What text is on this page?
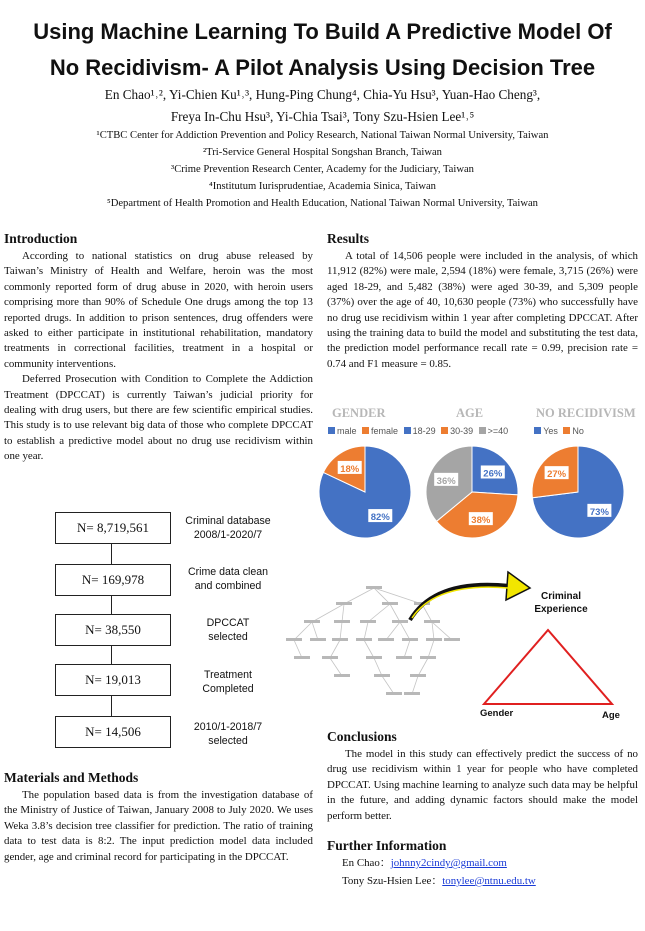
Using Machine Learning To Build A Predictive Model Of
No Recidivism- A Pilot Analysis Using Decision Tree
En Chao¹˒², Yi-Chien Ku¹˒³, Hung-Ping Chung⁴, Chia-Yu Hsu³, Yuan-Hao Cheng³,
Freya In-Chu Hsu³, Yi-Chia Tsai³, Tony Szu-Hsien Lee¹˒⁵
¹CTBC Center for Addiction Prevention and Policy Research, National Taiwan Normal University, Taiwan
²Tri-Service General Hospital Songshan Branch, Taiwan
³Crime Prevention Research Center, Academy for the Judiciary, Taiwan
⁴Institutum Iurisprudentiae, Academia Sinica, Taiwan
⁵Department of Health Promotion and Health Education, National Taiwan Normal University, Taiwan
Introduction

According to national statistics on drug abuse released by Taiwan’s Ministry of Health and Welfare, heroin was the most commonly reported form of drug abuse in 2020, with heroin users comprising more than 90% of Schedule One drugs among the top 13 reported drugs. In addition to prison sentences, drug offenders were asked to either participate in institutional rehabilitation, mandatory treatments in correctional facilities, treatment in a hospital or community interventions.

Deferred Prosecution with Condition to Complete the Addiction Treatment (DPCCAT) is currently Taiwan’s judicial priority for dealing with drug users, but there are few scientific empirical studies. This study is to use relevant big data of those who complete DPCCAT to establish a predictive model about no drug use recidivism within one year.

N= 8,719,561	Criminal database
2008/1-2020/7
N= 169,978	Crime data clean
and combined
N= 38,550	DPCCAT
selected
N= 19,013	Treatment
Completed
N= 14,506	2010/1-2018/7
selected
Materials and Methods

The population based data is from the investigation database of the Ministry of Justice of Taiwan, January 2008 to July 2020. We uses Weka 3.8’s decision tree classifier for prediction. The ratio of training data to test data is 8:2. The input prediction model data included gender, age and criminal record for participating in the DPCCAT.

Results

A total of 14,506 people were included in the analysis, of which 11,912 (82%) were male, 2,594 (18%) were female, 3,715 (26%) were aged 18-29, and 5,482 (38%) were aged 30-39, and 5,309 people (37%) over the age of 40, 10,630 people (73%) who successfully have no drug use recidivism within 1 year after completing DPCCAT. After using the training data to build the model and substituting the test data, the prediction model performance recall rate = 0.99, precision rate = 0.74 and F1 measure = 0.85.

GENDER	AGE	NO RECIDIVISM
male female 18-29 30-39 >=40	Yes No
82%
18%	26%
38%
36%
73%
27%
Criminal
Experience
Gender	Age
Conclusions

The model in this study can effectively predict the success of no drug use recidivism within 1 year for people who have completed DPCCAT. Using machine learning to analyze such data may be helpful in the future, and adding dynamic factors should make the model perform better.

Further Information
En Chao：johnny2cindy@gmail.com
Tony Szu-Hsien Lee：tonylee@ntnu.edu.tw
